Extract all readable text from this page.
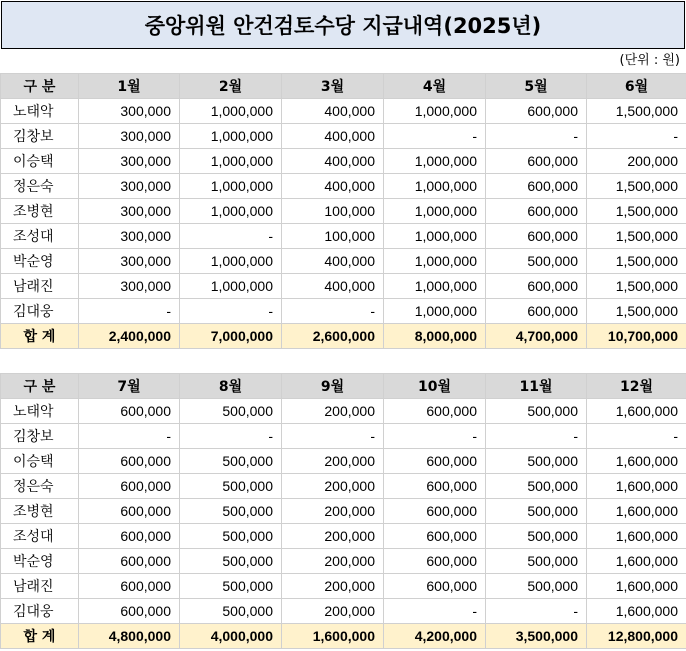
중앙위원 안건검토수당 지급내역(2025년)
(단위 : 원)
구 분	1월	2월	3월	4월	5월	6월
노태악	300,000	1,000,000	400,000	1,000,000	600,000	1,500,000
김창보	300,000	1,000,000	400,000	-	-	-
이승택	300,000	1,000,000	400,000	1,000,000	600,000	200,000
정은숙	300,000	1,000,000	400,000	1,000,000	600,000	1,500,000
조병현	300,000	1,000,000	100,000	1,000,000	600,000	1,500,000
조성대	300,000	-	100,000	1,000,000	600,000	1,500,000
박순영	300,000	1,000,000	400,000	1,000,000	500,000	1,500,000
남래진	300,000	1,000,000	400,000	1,000,000	600,000	1,500,000
김대웅	-	-	-	1,000,000	600,000	1,500,000
합 계	2,400,000	7,000,000	2,600,000	8,000,000	4,700,000	10,700,000
구 분	7월	8월	9월	10월	11월	12월
노태악	600,000	500,000	200,000	600,000	500,000	1,600,000
김창보	-	-	-	-	-	-
이승택	600,000	500,000	200,000	600,000	500,000	1,600,000
정은숙	600,000	500,000	200,000	600,000	500,000	1,600,000
조병현	600,000	500,000	200,000	600,000	500,000	1,600,000
조성대	600,000	500,000	200,000	600,000	500,000	1,600,000
박순영	600,000	500,000	200,000	600,000	500,000	1,600,000
남래진	600,000	500,000	200,000	600,000	500,000	1,600,000
김대웅	600,000	500,000	200,000	-	-	1,600,000
합 계	4,800,000	4,000,000	1,600,000	4,200,000	3,500,000	12,800,000
